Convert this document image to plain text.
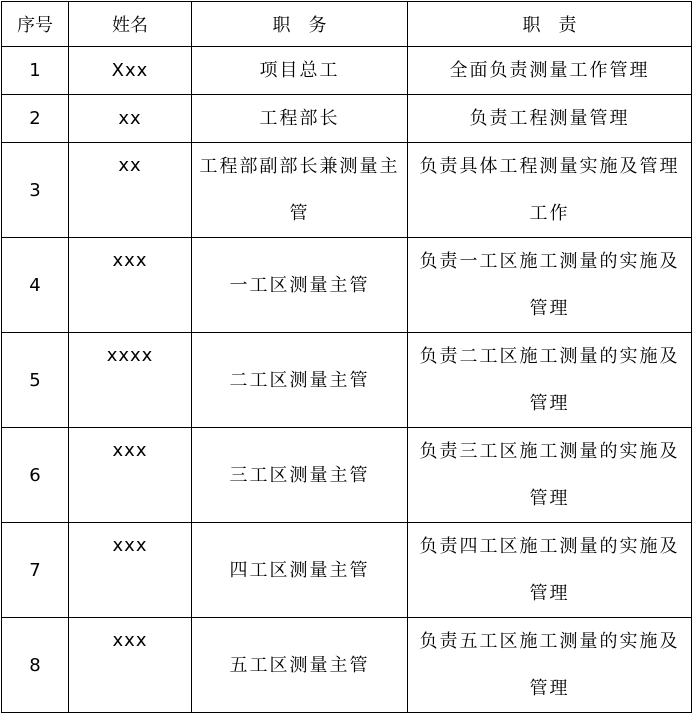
序号	姓名	职　务	职　责
1	Xxx	项目总工	全面负责测量工作管理

2	xx	工程部长	负责工程测量管理

3	xx	工程部副部长兼测量主管	负责具体工程测量实施及管理工作

4	xxx	一工区测量主管	负责一工区施工测量的实施及管理

5	xxxx	二工区测量主管	负责二工区施工测量的实施及管理

6	xxx	三工区测量主管	负责三工区施工测量的实施及管理

7	xxx	四工区测量主管	负责四工区施工测量的实施及管理

8	xxx	五工区测量主管	负责五工区施工测量的实施及管理
